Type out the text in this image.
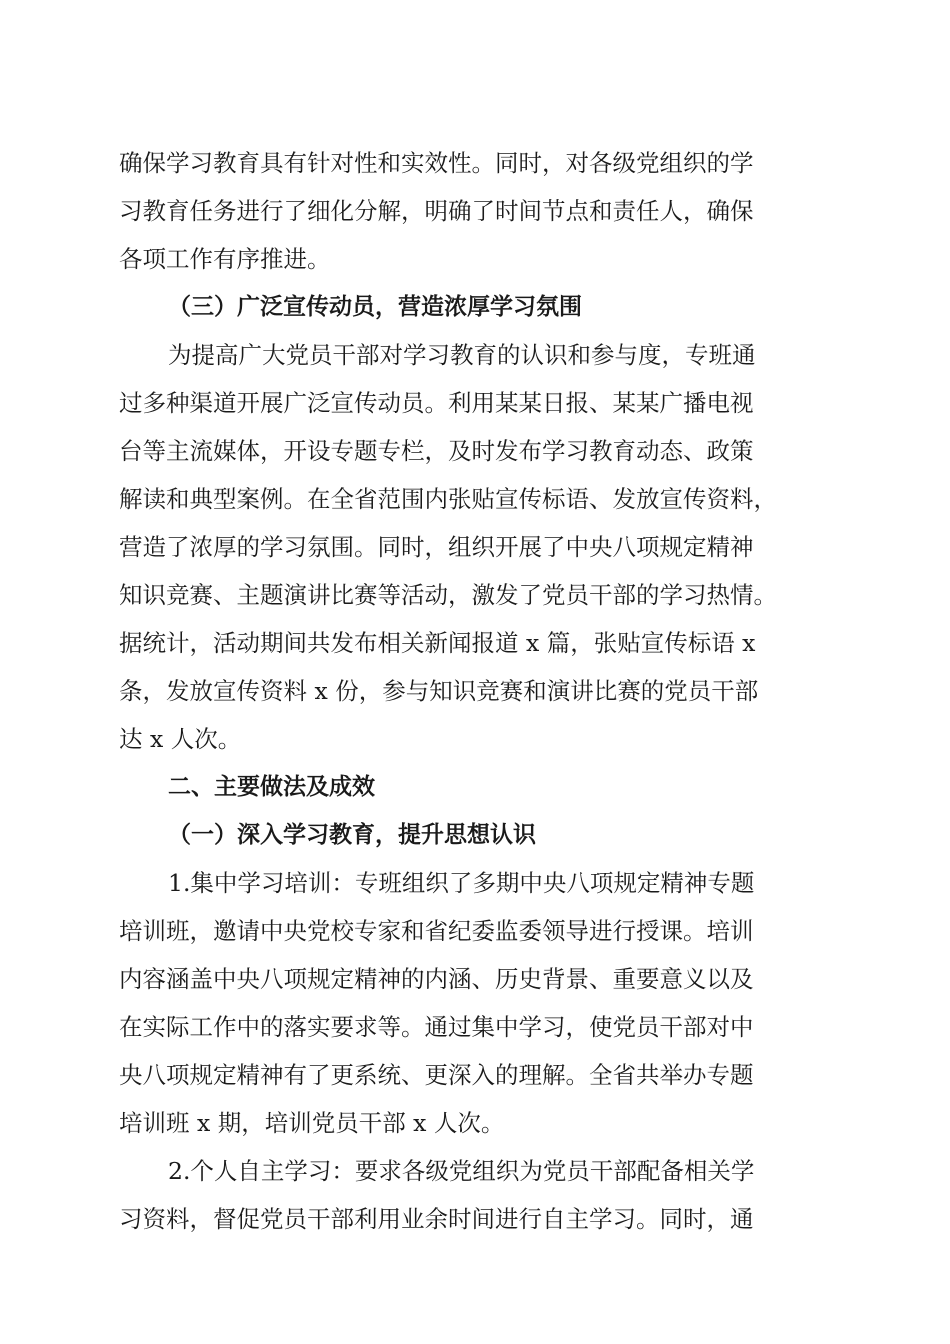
确保学习教育具有针对性和实效性。同时，对各级党组织的学
习教育任务进行了细化分解，明确了时间节点和责任人，确保
各项工作有序推进。
（三）广泛宣传动员，营造浓厚学习氛围
为提高广大党员干部对学习教育的认识和参与度，专班通
过多种渠道开展广泛宣传动员。利用某某日报、某某广播电视
台等主流媒体，开设专题专栏，及时发布学习教育动态、政策
解读和典型案例。在全省范围内张贴宣传标语、发放宣传资料，
营造了浓厚的学习氛围。同时，组织开展了中央八项规定精神
知识竞赛、主题演讲比赛等活动，激发了党员干部的学习热情。
据统计，活动期间共发布相关新闻报道 x 篇，张贴宣传标语 x
条，发放宣传资料 x 份，参与知识竞赛和演讲比赛的党员干部
达 x 人次。
二、主要做法及成效
（一）深入学习教育，提升思想认识
1.集中学习培训：专班组织了多期中央八项规定精神专题
培训班，邀请中央党校专家和省纪委监委领导进行授课。培训
内容涵盖中央八项规定精神的内涵、历史背景、重要意义以及
在实际工作中的落实要求等。通过集中学习，使党员干部对中
央八项规定精神有了更系统、更深入的理解。全省共举办专题
培训班 x 期，培训党员干部 x 人次。
2.个人自主学习：要求各级党组织为党员干部配备相关学
习资料，督促党员干部利用业余时间进行自主学习。同时，通
